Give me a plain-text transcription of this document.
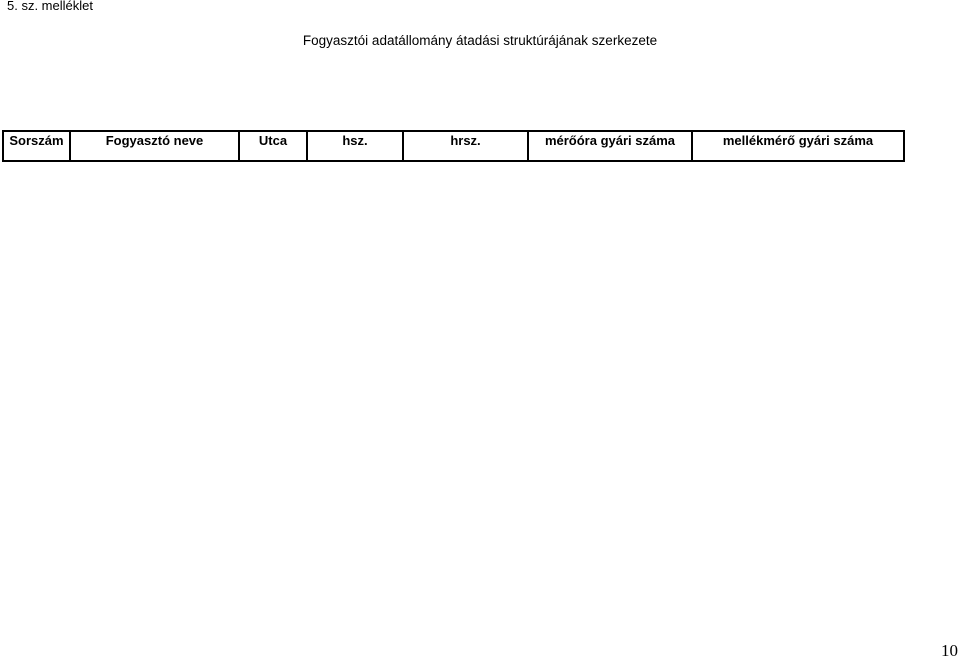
5. sz. melléklet
Fogyasztói adatállomány átadási struktúrájának szerkezete
Sorszám	Fogyasztó neve	Utca	hsz.	hrsz.	mérőóra gyári száma	mellékmérő gyári száma
10
